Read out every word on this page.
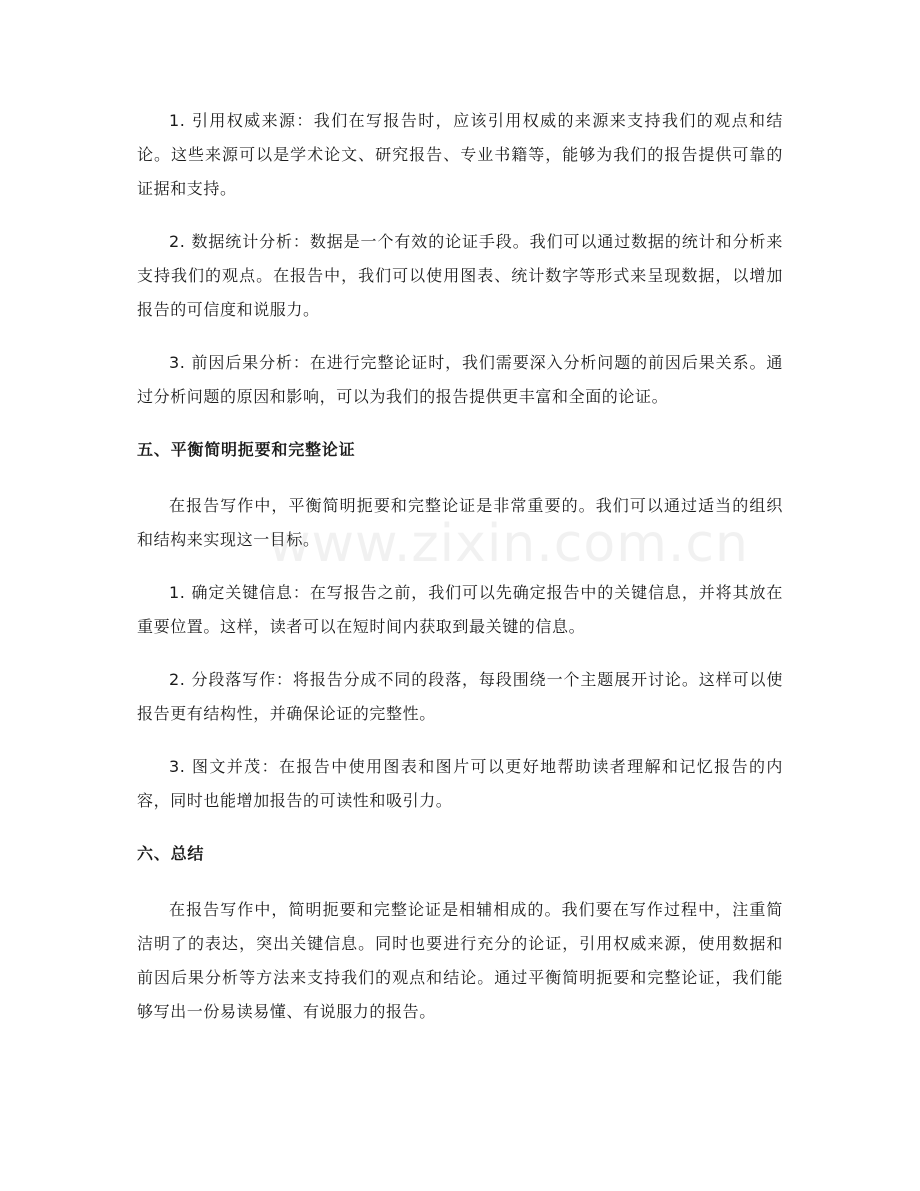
www.zixin.com.cn

1. 引用权威来源：我们在写报告时，应该引用权威的来源来支持我们的观点和结论。这些来源可以是学术论文、研究报告、专业书籍等，能够为我们的报告提供可靠的证据和支持。

2. 数据统计分析：数据是一个有效的论证手段。我们可以通过数据的统计和分析来支持我们的观点。在报告中，我们可以使用图表、统计数字等形式来呈现数据，以增加报告的可信度和说服力。

3. 前因后果分析：在进行完整论证时，我们需要深入分析问题的前因后果关系。通过分析问题的原因和影响，可以为我们的报告提供更丰富和全面的论证。

五、平衡简明扼要和完整论证

在报告写作中，平衡简明扼要和完整论证是非常重要的。我们可以通过适当的组织和结构来实现这一目标。

1. 确定关键信息：在写报告之前，我们可以先确定报告中的关键信息，并将其放在重要位置。这样，读者可以在短时间内获取到最关键的信息。

2. 分段落写作：将报告分成不同的段落，每段围绕一个主题展开讨论。这样可以使报告更有结构性，并确保论证的完整性。

3. 图文并茂：在报告中使用图表和图片可以更好地帮助读者理解和记忆报告的内容，同时也能增加报告的可读性和吸引力。

六、总结

在报告写作中，简明扼要和完整论证是相辅相成的。我们要在写作过程中，注重简洁明了的表达，突出关键信息。同时也要进行充分的论证，引用权威来源，使用数据和前因后果分析等方法来支持我们的观点和结论。通过平衡简明扼要和完整论证，我们能够写出一份易读易懂、有说服力的报告。
